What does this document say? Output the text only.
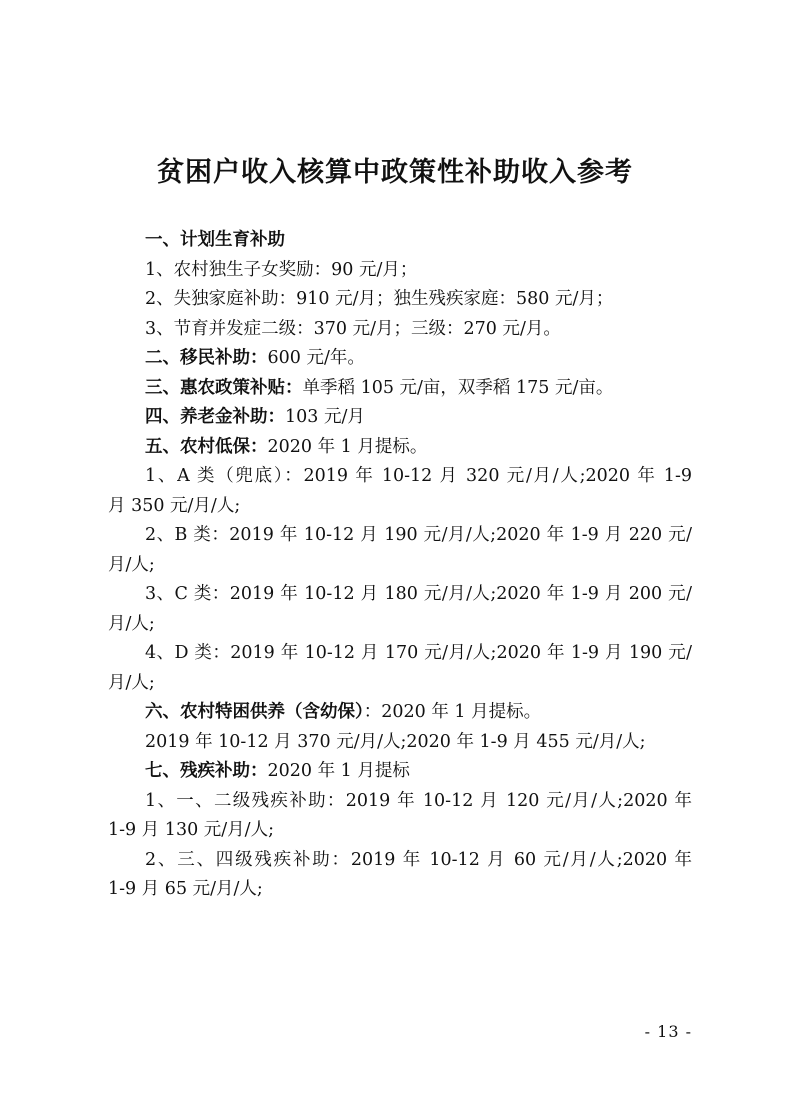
贫困户收入核算中政策性补助收入参考
一、计划生育补助
1、农村独生子女奖励：90 元/月；
2、失独家庭补助：910 元/月；独生残疾家庭：580 元/月；
3、节育并发症二级：370 元/月；三级：270 元/月。
二、移民补助：600 元/年。
三、惠农政策补贴：单季稻 105 元/亩，双季稻 175 元/亩。
四、养老金补助：103 元/月
五、农村低保：2020 年 1 月提标。
1、A 类（兜底）：2019 年 10-12 月 320 元/月/人;2020 年 1-9
月 350 元/月/人;
2、B 类：2019 年 10-12 月 190 元/月/人;2020 年 1-9 月 220 元/
月/人;
3、C 类：2019 年 10-12 月 180 元/月/人;2020 年 1-9 月 200 元/
月/人;
4、D 类：2019 年 10-12 月 170 元/月/人;2020 年 1-9 月 190 元/
月/人;
六、农村特困供养（含幼保）：2020 年 1 月提标。
2019 年 10-12 月 370 元/月/人;2020 年 1-9 月 455 元/月/人;
七、残疾补助：2020 年 1 月提标
1、一、二级残疾补助：2019 年 10-12 月 120 元/月/人;2020 年
1-9 月 130 元/月/人;
2、三、四级残疾补助：2019 年 10-12 月 60 元/月/人;2020 年
1-9 月 65 元/月/人;
- 13 -
